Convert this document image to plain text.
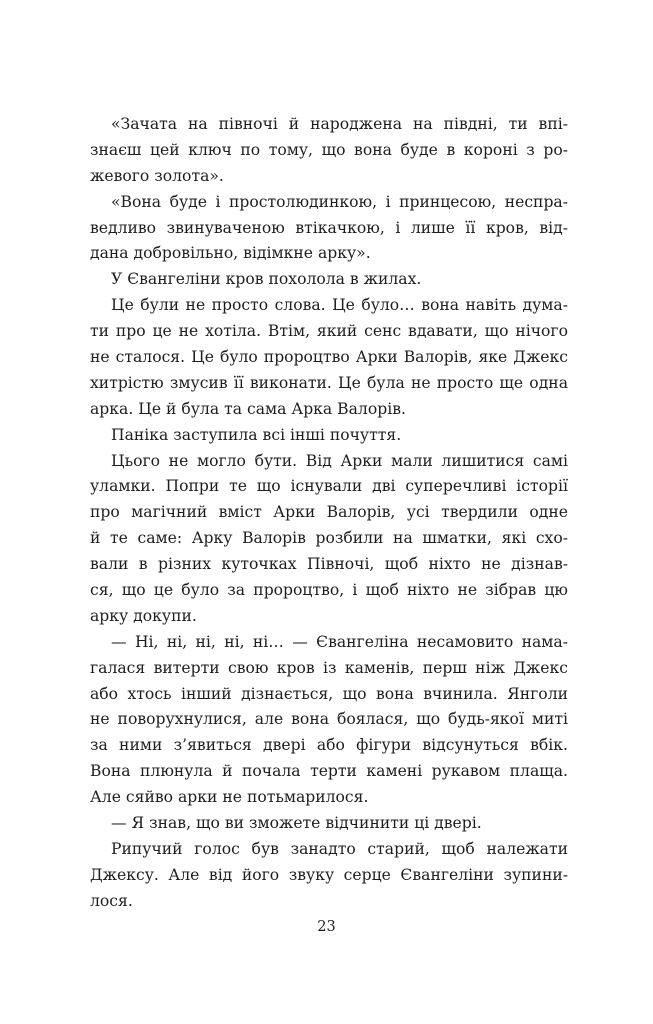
«Зачата на півночі й народжена на півдні, ти впі-
знаєш цей ключ по тому, що вона буде в короні з ро-
жевого золота».
«Вона буде і простолюдинкою, і принцесою, неспра-
ведливо звинуваченою втікачкою, і лише її кров, від-
дана добровільно, відімкне арку».
У Євангеліни кров похолола в жилах.
Це були не просто слова. Це було… вона навіть дума-
ти про це не хотіла. Втім, який сенс вдавати, що нічого
не сталося. Це було пророцтво Арки Валорів, яке Джекс
хитрістю змусив її виконати. Це була не просто ще одна
арка. Це й була та сама Арка Валорів.
Паніка заступила всі інші почуття.
Цього не могло бути. Від Арки мали лишитися самі
уламки. Попри те що існували дві суперечливі історії
про магічний вміст Арки Валорів, усі твердили одне
й те саме: Арку Валорів розбили на шматки, які схо-
вали в різних куточках Півночі, щоб ніхто не дізнав-
ся, що це було за пророцтво, і щоб ніхто не зібрав цю
арку докупи.
— Ні, ні, ні, ні, ні… — Євангеліна несамовито нама-
галася витерти свою кров із каменів, перш ніж Джекс
або хтось інший дізнається, що вона вчинила. Янголи
не поворухнулися, але вона боялася, що будь-якої миті
за ними з’явиться двері або фігури відсунуться вбік.
Вона плюнула й почала терти камені рукавом плаща.
Але сяйво арки не потьмарилося.
— Я знав, що ви зможете відчинити ці двері.
Рипучий голос був занадто старий, щоб належати
Джексу. Але від його звуку серце Євангеліни зупини-
лося.
23
